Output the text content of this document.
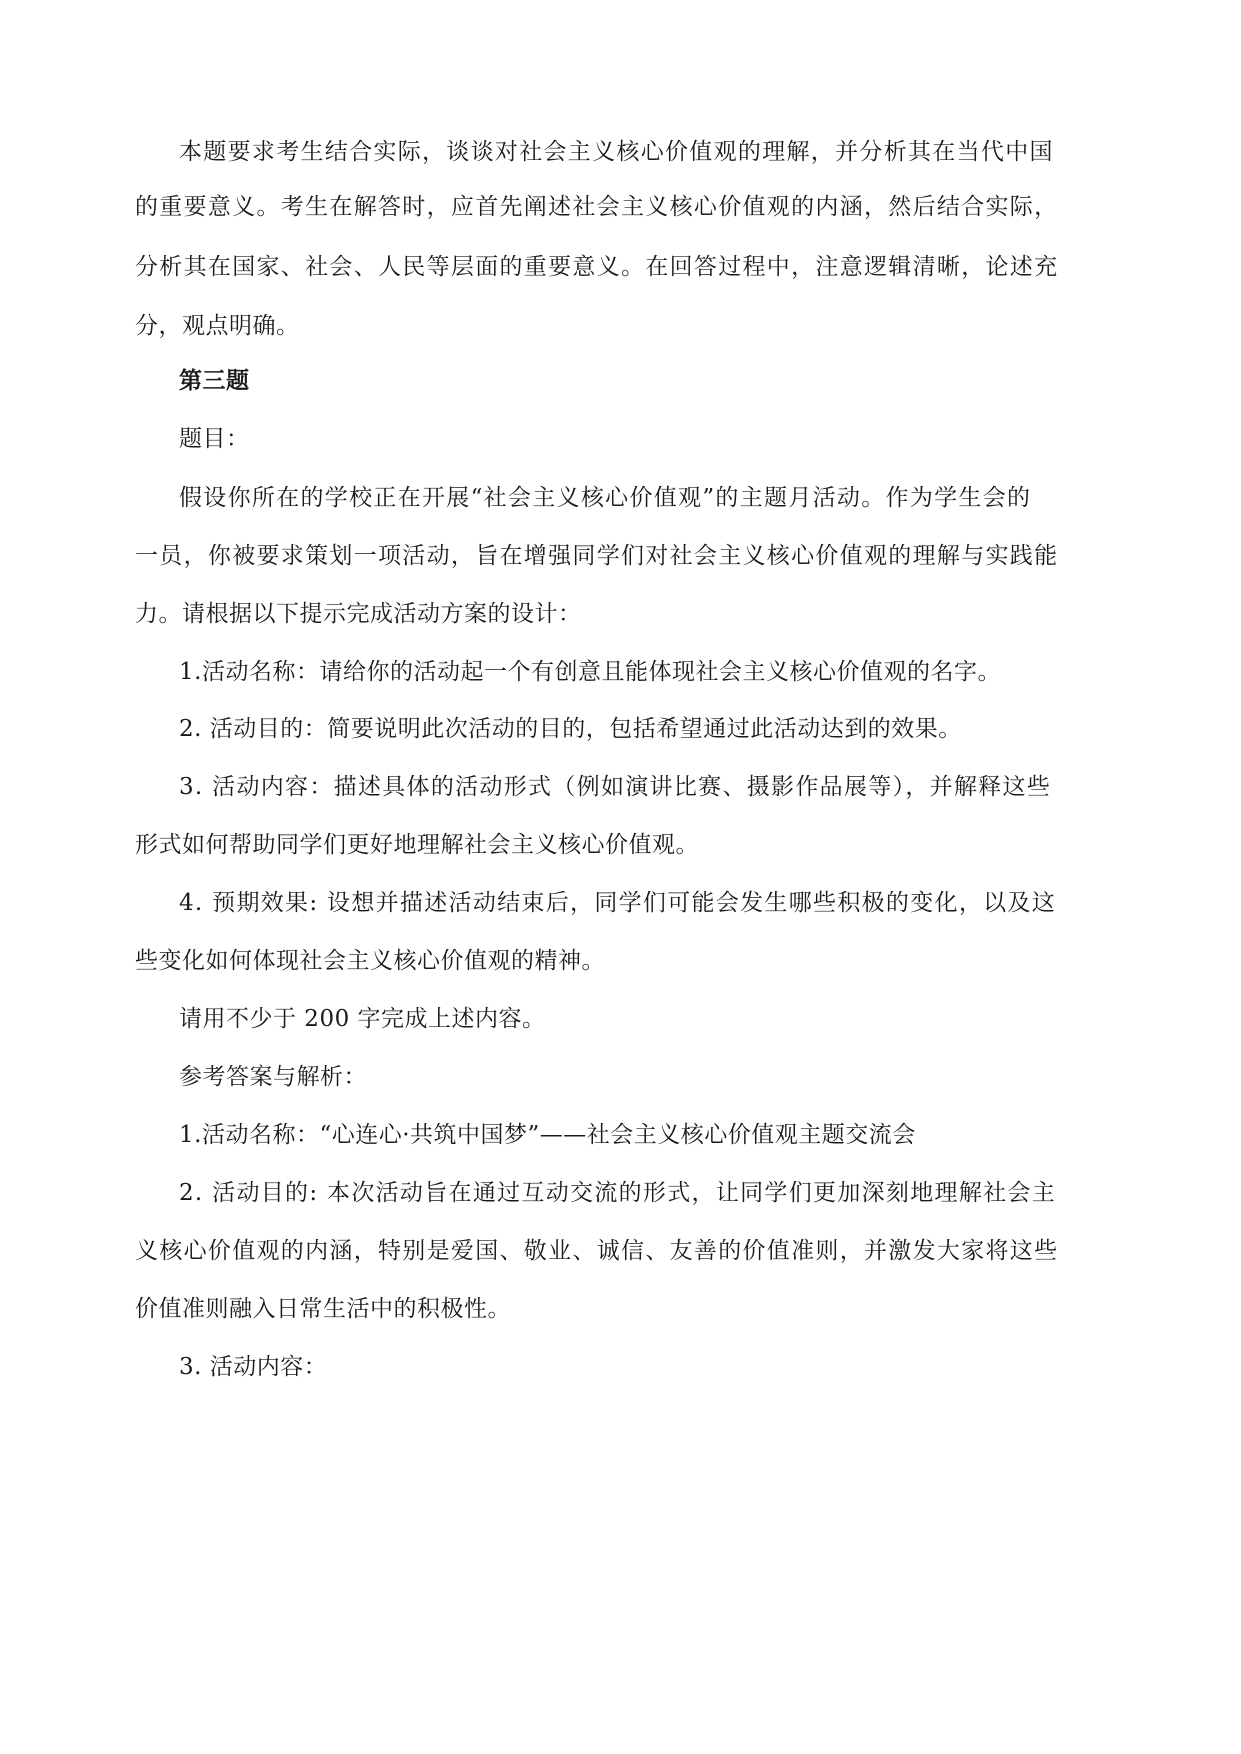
本题要求考生结合实际，谈谈对社会主义核心价值观的理解，并分析其在当代中国

的重要意义。考生在解答时，应首先阐述社会主义核心价值观的内涵，然后结合实际，

分析其在国家、社会、人民等层面的重要意义。在回答过程中，注意逻辑清晰，论述充

分，观点明确。

第三题

题目：

假设你所在的学校正在开展“社会主义核心价值观”的主题月活动。作为学生会的

一员，你被要求策划一项活动，旨在增强同学们对社会主义核心价值观的理解与实践能

力。请根据以下提示完成活动方案的设计：

1.活动名称：请给你的活动起一个有创意且能体现社会主义核心价值观的名字。

2. 活动目的：简要说明此次活动的目的，包括希望通过此活动达到的效果。

3. 活动内容：描述具体的活动形式（例如演讲比赛、摄影作品展等），并解释这些

形式如何帮助同学们更好地理解社会主义核心价值观。

4. 预期效果: 设想并描述活动结束后，同学们可能会发生哪些积极的变化，以及这

些变化如何体现社会主义核心价值观的精神。

请用不少于 200 字完成上述内容。

参考答案与解析：

1.活动名称：“心连心·共筑中国梦”——社会主义核心价值观主题交流会

2. 活动目的: 本次活动旨在通过互动交流的形式，让同学们更加深刻地理解社会主

义核心价值观的内涵，特别是爱国、敬业、诚信、友善的价值准则，并激发大家将这些

价值准则融入日常生活中的积极性。

3. 活动内容：
